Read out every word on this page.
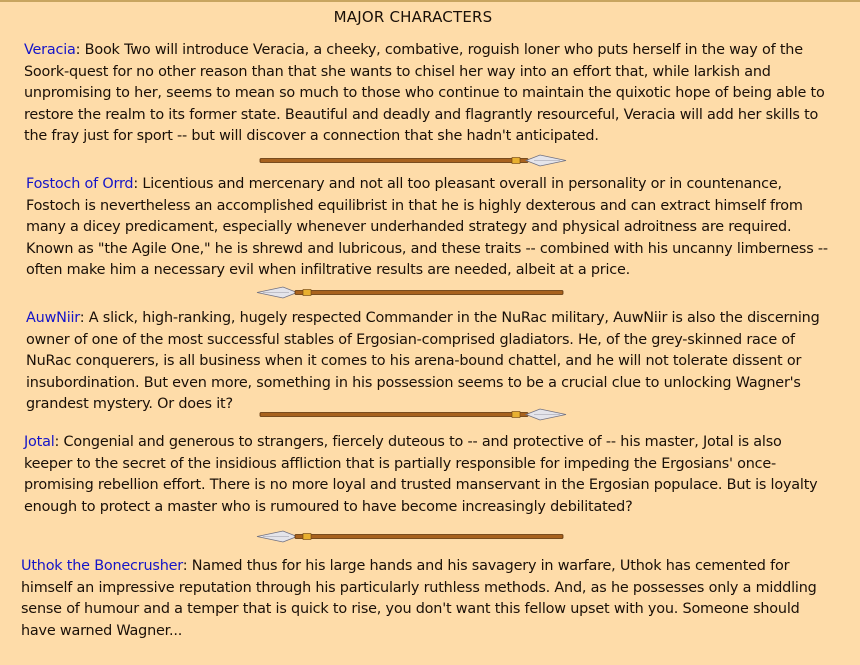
MAJOR CHARACTERS
Veracia: Book Two will introduce Veracia, a cheeky, combative, roguish loner who puts herself in the way of the Soork-quest for no other reason than that she wants to chisel her way into an effort that, while larkish and unpromising to her, seems to mean so much to those who continue to maintain the quixotic hope of being able to restore the realm to its former state. Beautiful and deadly and flagrantly resourceful, Veracia will add her skills to the fray just for sport -- but will discover a connection that she hadn't anticipated.
Fostoch of Orrd: Licentious and mercenary and not all too pleasant overall in personality or in countenance, Fostoch is nevertheless an accomplished equilibrist in that he is highly dexterous and can extract himself from many a dicey predicament, especially whenever underhanded strategy and physical adroitness are required. Known as "the Agile One," he is shrewd and lubricous, and these traits -- combined with his uncanny limberness -- often make him a necessary evil when infiltrative results are needed, albeit at a price.
AuwNiir: A slick, high-ranking, hugely respected Commander in the NuRac military, AuwNiir is also the discerning owner of one of the most successful stables of Ergosian-comprised gladiators. He, of the grey-skinned race of NuRac conquerers, is all business when it comes to his arena-bound chattel, and he will not tolerate dissent or insubordination. But even more, something in his possession seems to be a crucial clue to unlocking Wagner's grandest mystery. Or does it?
Jotal: Congenial and generous to strangers, fiercely duteous to -- and protective of -- his master, Jotal is also keeper to the secret of the insidious affliction that is partially responsible for impeding the Ergosians' once-promising rebellion effort. There is no more loyal and trusted manservant in the Ergosian populace. But is loyalty enough to protect a master who is rumoured to have become increasingly debilitated?
Uthok the Bonecrusher: Named thus for his large hands and his savagery in warfare, Uthok has cemented for himself an impressive reputation through his particularly ruthless methods. And, as he possesses only a middling sense of humour and a temper that is quick to rise, you don't want this fellow upset with you. Someone should have warned Wagner...
